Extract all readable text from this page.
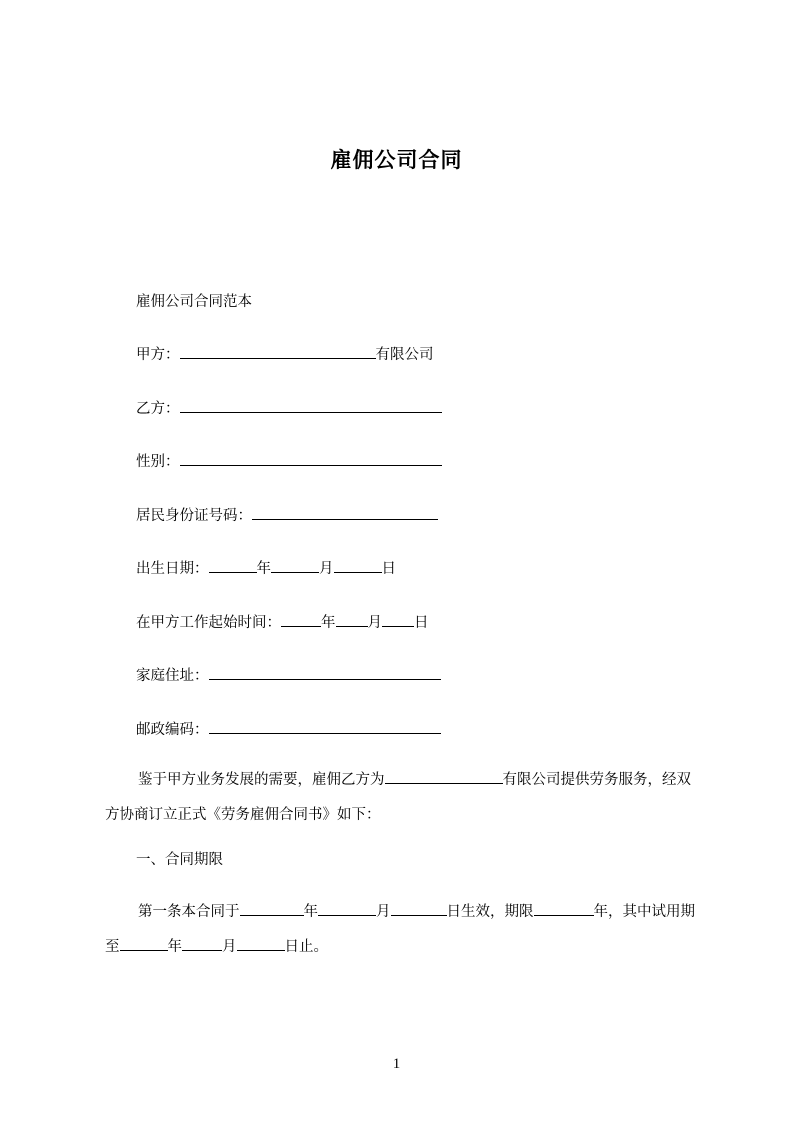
雇佣公司合同
雇佣公司合同范本
甲方：	有限公司
乙方：
性别：
居民身份证号码：
出生日期：	年	月	日
在甲方工作起始时间：	年 月 日
家庭住址：
邮政编码：
鉴于甲方业务发展的需要，雇佣乙方为	有限公司提供劳务服务，经双方协商订立正式《劳务雇佣合同书》如下：
一、合同期限
第一条本合同于	年	月	日生效，期限	年，其中试用期至	年	月	日止。
1
